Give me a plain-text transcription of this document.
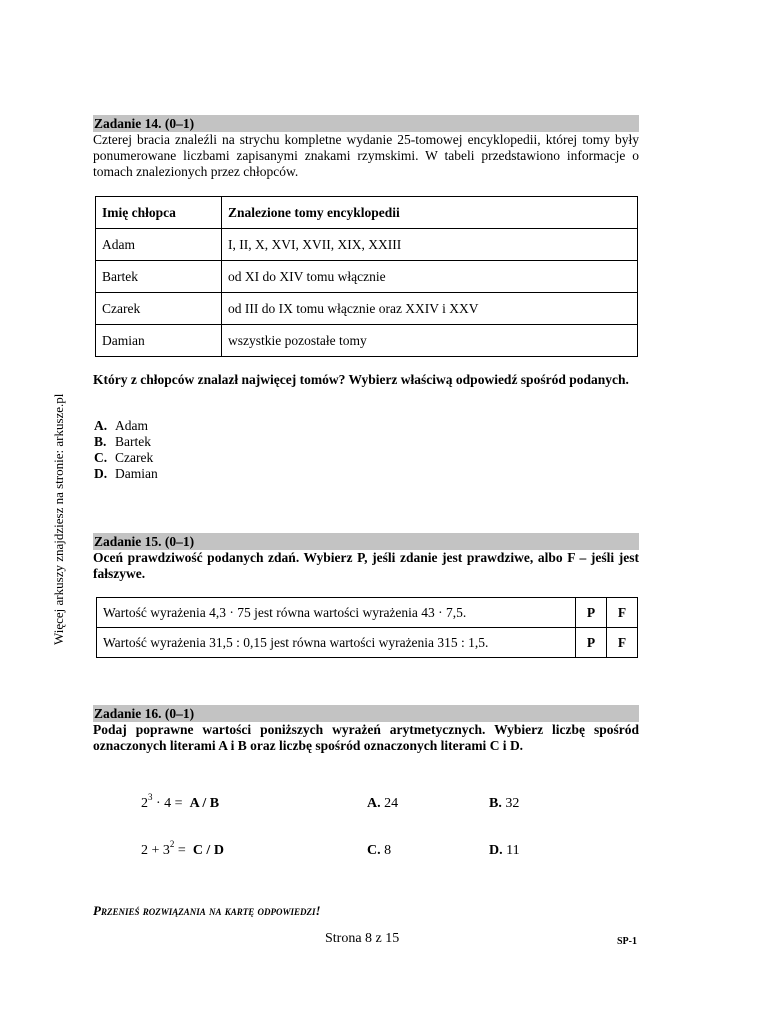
Więcej arkuszy znajdziesz na stronie: arkusze.pl
Zadanie 14. (0–1)

Czterej bracia znaleźli na strychu kompletne wydanie 25-tomowej encyklopedii, której tomy były ponumerowane liczbami zapisanymi znakami rzymskimi. W tabeli przedstawiono informacje o tomach znalezionych przez chłopców.

Imię chłopca	Znalezione tomy encyklopedii
Adam	I, II, X, XVI, XVII, XIX, XXIII
Bartek	od XI do XIV tomu włącznie
Czarek	od III do IX tomu włącznie oraz XXIV i XXV
Damian	wszystkie pozostałe tomy

Który z chłopców znalazł najwięcej tomów? Wybierz właściwą odpowiedź spośród podanych.

A. Adam
B. Bartek
C. Czarek
D. Damian
Zadanie 15. (0–1)

Oceń prawdziwość podanych zdań. Wybierz P, jeśli zdanie jest prawdziwe, albo F – jeśli jest fałszywe.

Wartość wyrażenia 4,3 · 75 jest równa wartości wyrażenia 43 · 7,5.	P	F
Wartość wyrażenia 31,5 : 0,15 jest równa wartości wyrażenia 315 : 1,5.	P	F
Zadanie 16. (0–1)

Podaj poprawne wartości poniższych wyrażeń arytmetycznych. Wybierz liczbę spośród oznaczonych literami A i B oraz liczbę spośród oznaczonych literami C i D.

$2^3 \cdot 4 = A / B$	A. 24	B. 32
$2 + 3^2 = C / D$	C. 8	D. 11
Przenieś rozwiązania na kartę odpowiedzi!
Strona 8 z 15	SP-1
